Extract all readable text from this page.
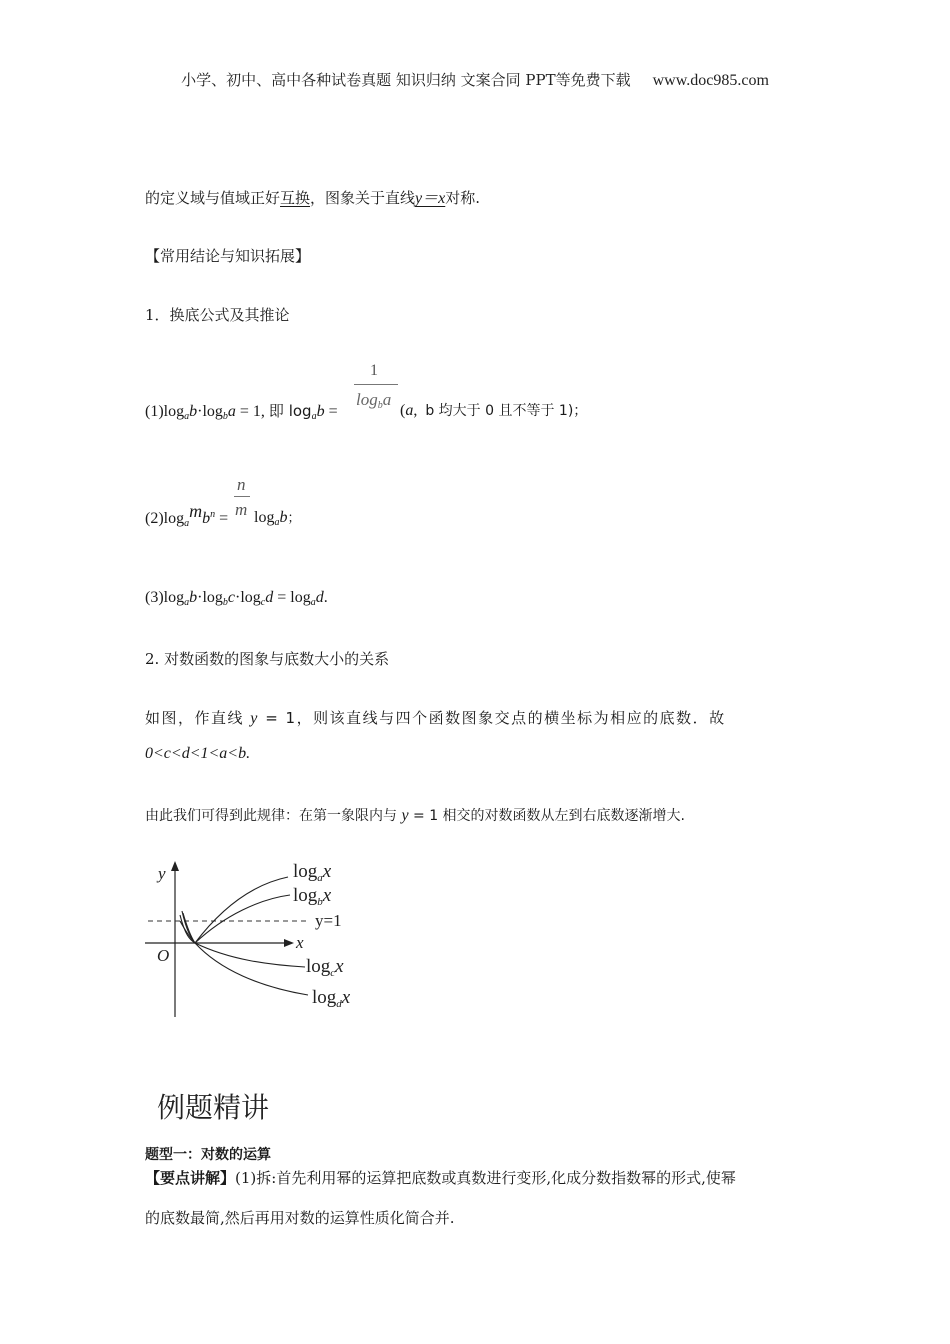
小学、初中、高中各种试卷真题 知识归纳 文案合同 PPT等免费下载 www.doc985.com
的定义域与值域正好互换，图象关于直线y＝x对称.
【常用结论与知识拓展】
1．换底公式及其推论
$(1)\log_ab\cdot\log_ba = 1$, 即 $\log_ab$ =
1
$\log_ba$
(a,  b 均大于 0 且不等于 1)；
$(2)\log_amb^n$ =
n
m $\log_ab$；
$(3)\log_ab\cdot\log_bc\cdot\log_cd = \log_ad$.
2. 对数函数的图象与底数大小的关系
如图，作直线 y = 1，则该直线与四个函数图象交点的横坐标为相应的底数．故
0<c<d<1<a<b.
由此我们可得到此规律：在第一象限内与 y = 1 相交的对数函数从左到右底数逐渐增大.
y
x
O
y=1
$\log_ax$
$\log_bx$
$\log_cx$
$\log_dx$
例题精讲
题型一：对数的运算
【要点讲解】(1)拆:首先利用幂的运算把底数或真数进行变形,化成分数指数幂的形式,使幂
的底数最简,然后再用对数的运算性质化简合并.
